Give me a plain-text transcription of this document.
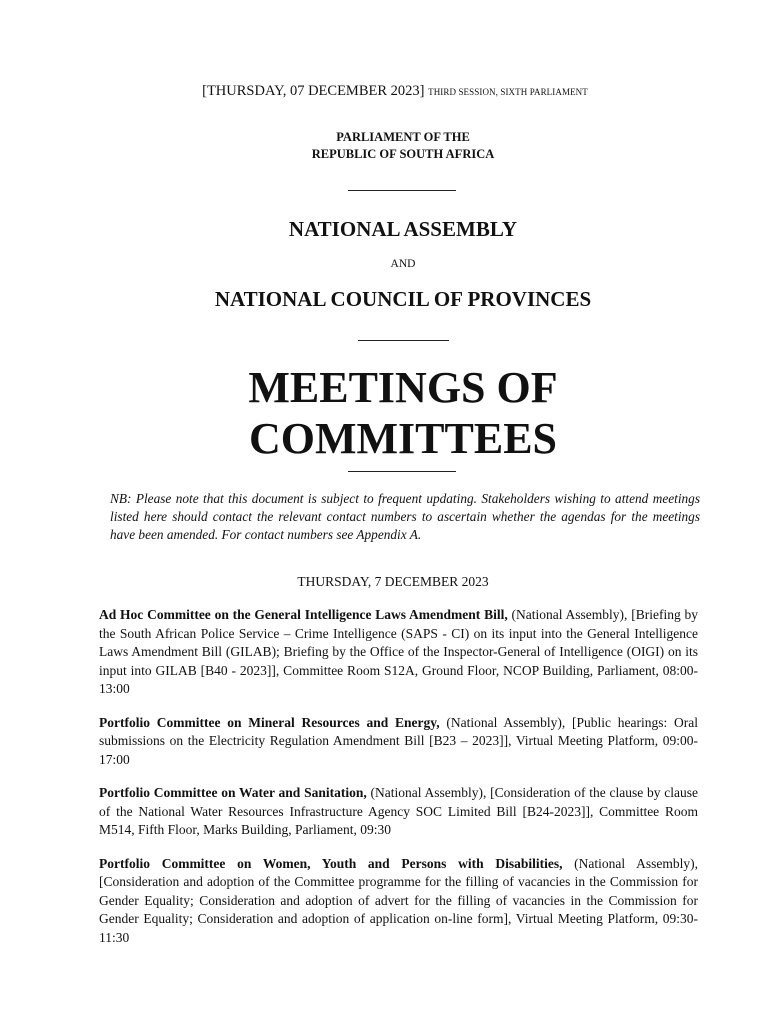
[THURSDAY, 07 DECEMBER 2023] THIRD SESSION, SIXTH PARLIAMENT
PARLIAMENT OF THE
REPUBLIC OF SOUTH AFRICA
NATIONAL ASSEMBLY
AND
NATIONAL COUNCIL OF PROVINCES
MEETINGS OF
COMMITTEES
NB: Please note that this document is subject to frequent updating. Stakeholders wishing to attend meetings listed here should contact the relevant contact numbers to ascertain whether the agendas for the meetings have been amended. For contact numbers see Appendix A.
THURSDAY, 7 DECEMBER 2023

Ad Hoc Committee on the General Intelligence Laws Amendment Bill, (National Assembly), [Briefing by the South African Police Service – Crime Intelligence (SAPS - CI) on its input into the General Intelligence Laws Amendment Bill (GILAB); Briefing by the Office of the Inspector-General of Intelligence (OIGI) on its input into GILAB [B40 - 2023]], Committee Room S12A, Ground Floor, NCOP Building, Parliament, 08:00-13:00

Portfolio Committee on Mineral Resources and Energy, (National Assembly), [Public hearings: Oral submissions on the Electricity Regulation Amendment Bill [B23 – 2023]], Virtual Meeting Platform, 09:00-17:00

Portfolio Committee on Water and Sanitation, (National Assembly), [Consideration of the clause by clause of the National Water Resources Infrastructure Agency SOC Limited Bill [B24-2023]], Committee Room M514, Fifth Floor, Marks Building, Parliament, 09:30

Portfolio Committee on Women, Youth and Persons with Disabilities, (National Assembly), [Consideration and adoption of the Committee programme for the filling of vacancies in the Commission for Gender Equality; Consideration and adoption of advert for the filling of vacancies in the Commission for Gender Equality; Consideration and adoption of application on-line form], Virtual Meeting Platform, 09:30-11:30
